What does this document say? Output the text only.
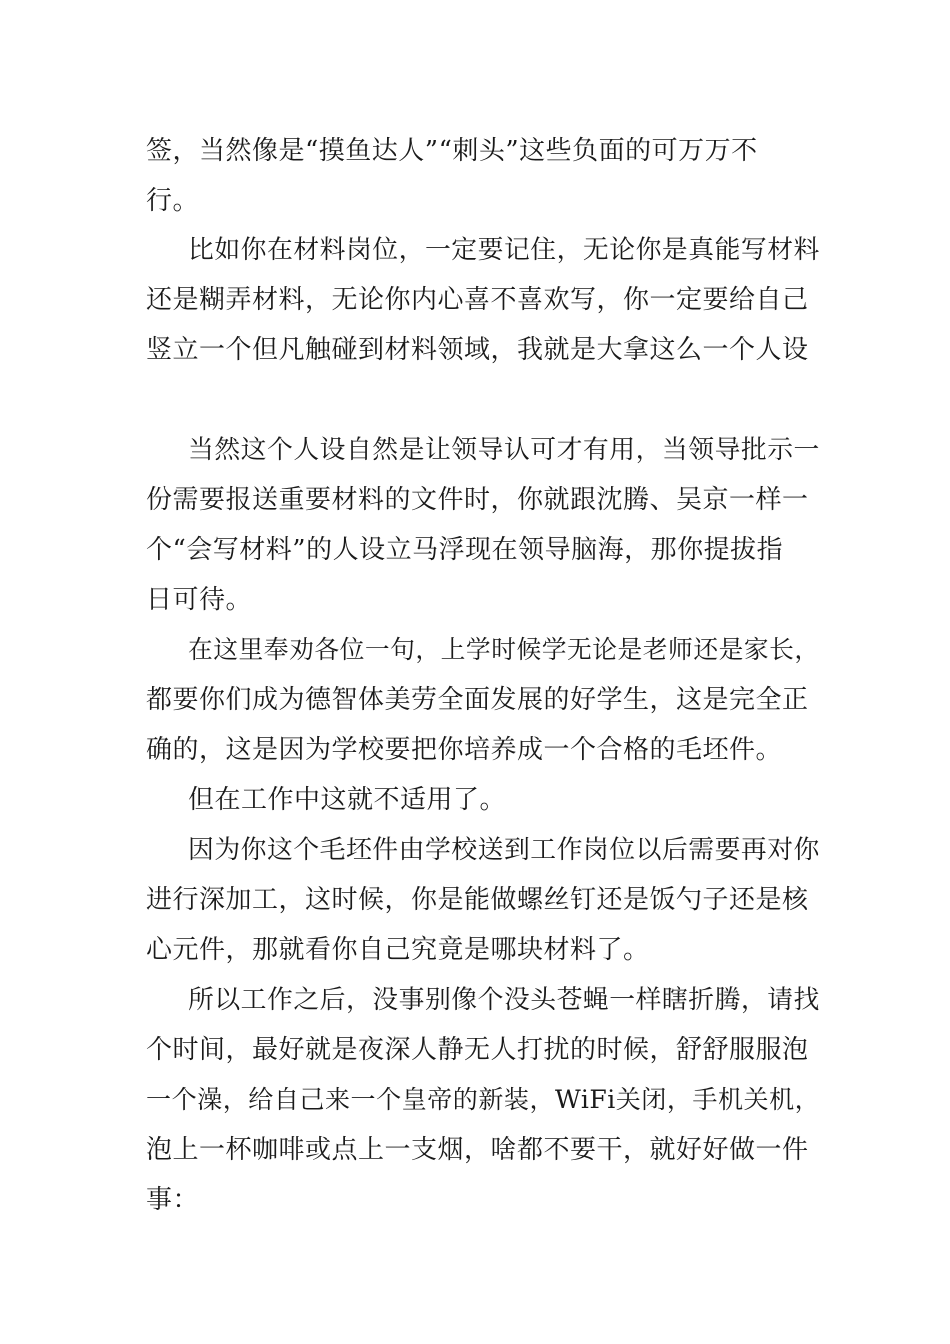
签，当然像是“摸鱼达人”“刺头”这些负面的可万万不
行。
比如你在材料岗位，一定要记住，无论你是真能写材料
还是糊弄材料，无论你内心喜不喜欢写，你一定要给自己
竖立一个但凡触碰到材料领域，我就是大拿这么一个人设
当然这个人设自然是让领导认可才有用，当领导批示一
份需要报送重要材料的文件时，你就跟沈腾、吴京一样一
个“会写材料”的人设立马浮现在领导脑海，那你提拔指
日可待。
在这里奉劝各位一句，上学时候学无论是老师还是家长，
都要你们成为德智体美劳全面发展的好学生，这是完全正
确的，这是因为学校要把你培养成一个合格的毛坯件。
但在工作中这就不适用了。
因为你这个毛坯件由学校送到工作岗位以后需要再对你
进行深加工，这时候，你是能做螺丝钉还是饭勺子还是核
心元件，那就看你自己究竟是哪块材料了。
所以工作之后，没事别像个没头苍蝇一样瞎折腾，请找
个时间，最好就是夜深人静无人打扰的时候，舒舒服服泡
一个澡，给自己来一个皇帝的新装，WiFi关闭，手机关机，
泡上一杯咖啡或点上一支烟，啥都不要干，就好好做一件
事：
